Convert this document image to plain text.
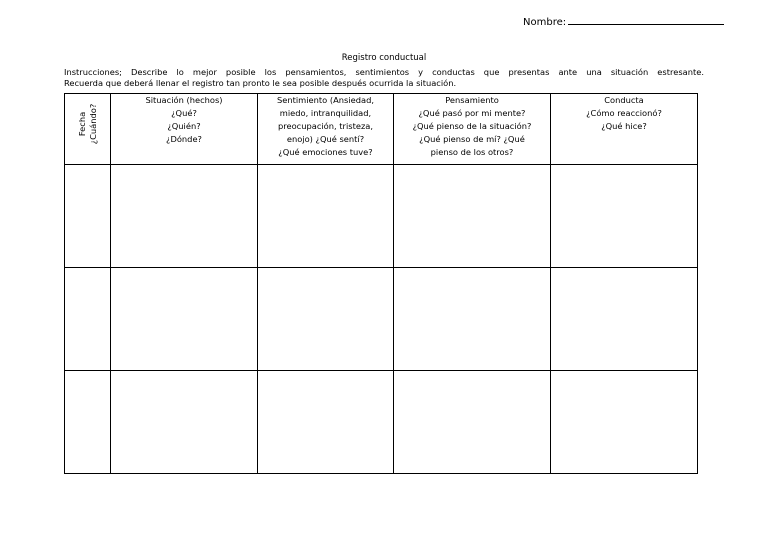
Nombre:
Registro conductual
Instrucciones; Describe lo mejor posible los pensamientos, sentimientos y conductas que presentas ante una situación estresante.
Recuerda que deberá llenar el registro tan pronto le sea posible después ocurrida la situación.
Fecha ¿Cuándo?	Situación (hechos)
¿Qué?
¿Quién?
¿Dónde?	Sentimiento (Ansiedad,
miedo, intranquilidad,
preocupación, tristeza,
enojo) ¿Qué sentí?
¿Qué emociones tuve?	Pensamiento
¿Qué pasó por mi mente?
¿Qué pienso de la situación?
¿Qué pienso de mí? ¿Qué
pienso de los otros?	Conducta
¿Cómo reaccionó?
¿Qué hice?
